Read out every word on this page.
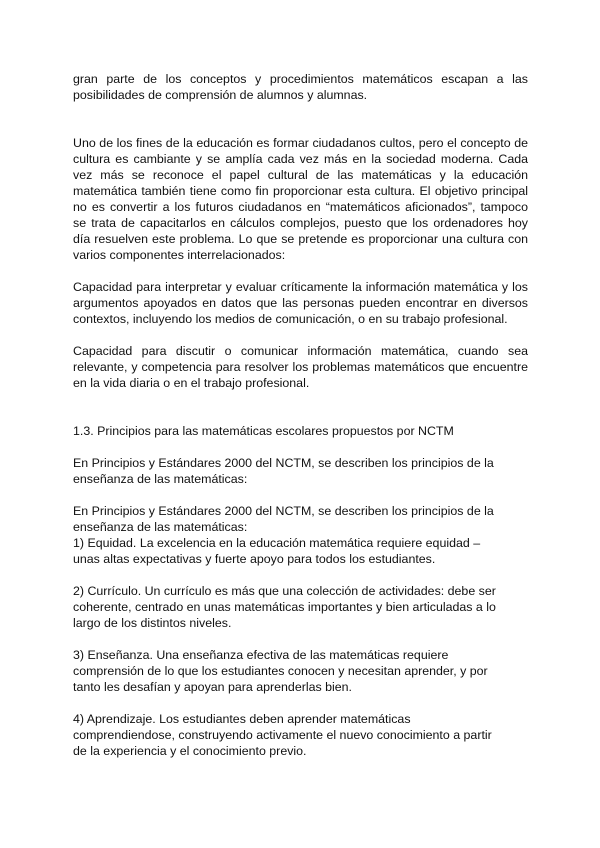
gran parte de los conceptos y procedimientos matemáticos escapan a las posibilidades de comprensión de alumnos y alumnas.

Uno de los fines de la educación es formar ciudadanos cultos, pero el concepto de cultura es cambiante y se amplía cada vez más en la sociedad moderna. Cada vez más se reconoce el papel cultural de las matemáticas y la educación matemática también tiene como fin proporcionar esta cultura. El objetivo principal no es convertir a los futuros ciudadanos en “matemáticos aficionados”, tampoco se trata de capacitarlos en cálculos complejos, puesto que los ordenadores hoy día resuelven este problema. Lo que se pretende es proporcionar una cultura con varios componentes interrelacionados:

Capacidad para interpretar y evaluar críticamente la información matemática y los argumentos apoyados en datos que las personas pueden encontrar en diversos contextos, incluyendo los medios de comunicación, o en su trabajo profesional.

Capacidad para discutir o comunicar información matemática, cuando sea relevante, y competencia para resolver los problemas matemáticos que encuentre en la vida diaria o en el trabajo profesional.

1.3. Principios para las matemáticas escolares propuestos por NCTM

En Principios y Estándares 2000 del NCTM, se describen los principios de la
enseñanza de las matemáticas:

En Principios y Estándares 2000 del NCTM, se describen los principios de la
enseñanza de las matemáticas:

1) Equidad. La excelencia en la educación matemática requiere equidad –
unas altas expectativas y fuerte apoyo para todos los estudiantes.

2) Currículo. Un currículo es más que una colección de actividades: debe ser
coherente, centrado en unas matemáticas importantes y bien articuladas a lo
largo de los distintos niveles.

3) Enseñanza. Una enseñanza efectiva de las matemáticas requiere
comprensión de lo que los estudiantes conocen y necesitan aprender, y por
tanto les desafían y apoyan para aprenderlas bien.

4) Aprendizaje. Los estudiantes deben aprender matemáticas
comprendiendose, construyendo activamente el nuevo conocimiento a partir
de la experiencia y el conocimiento previo.
